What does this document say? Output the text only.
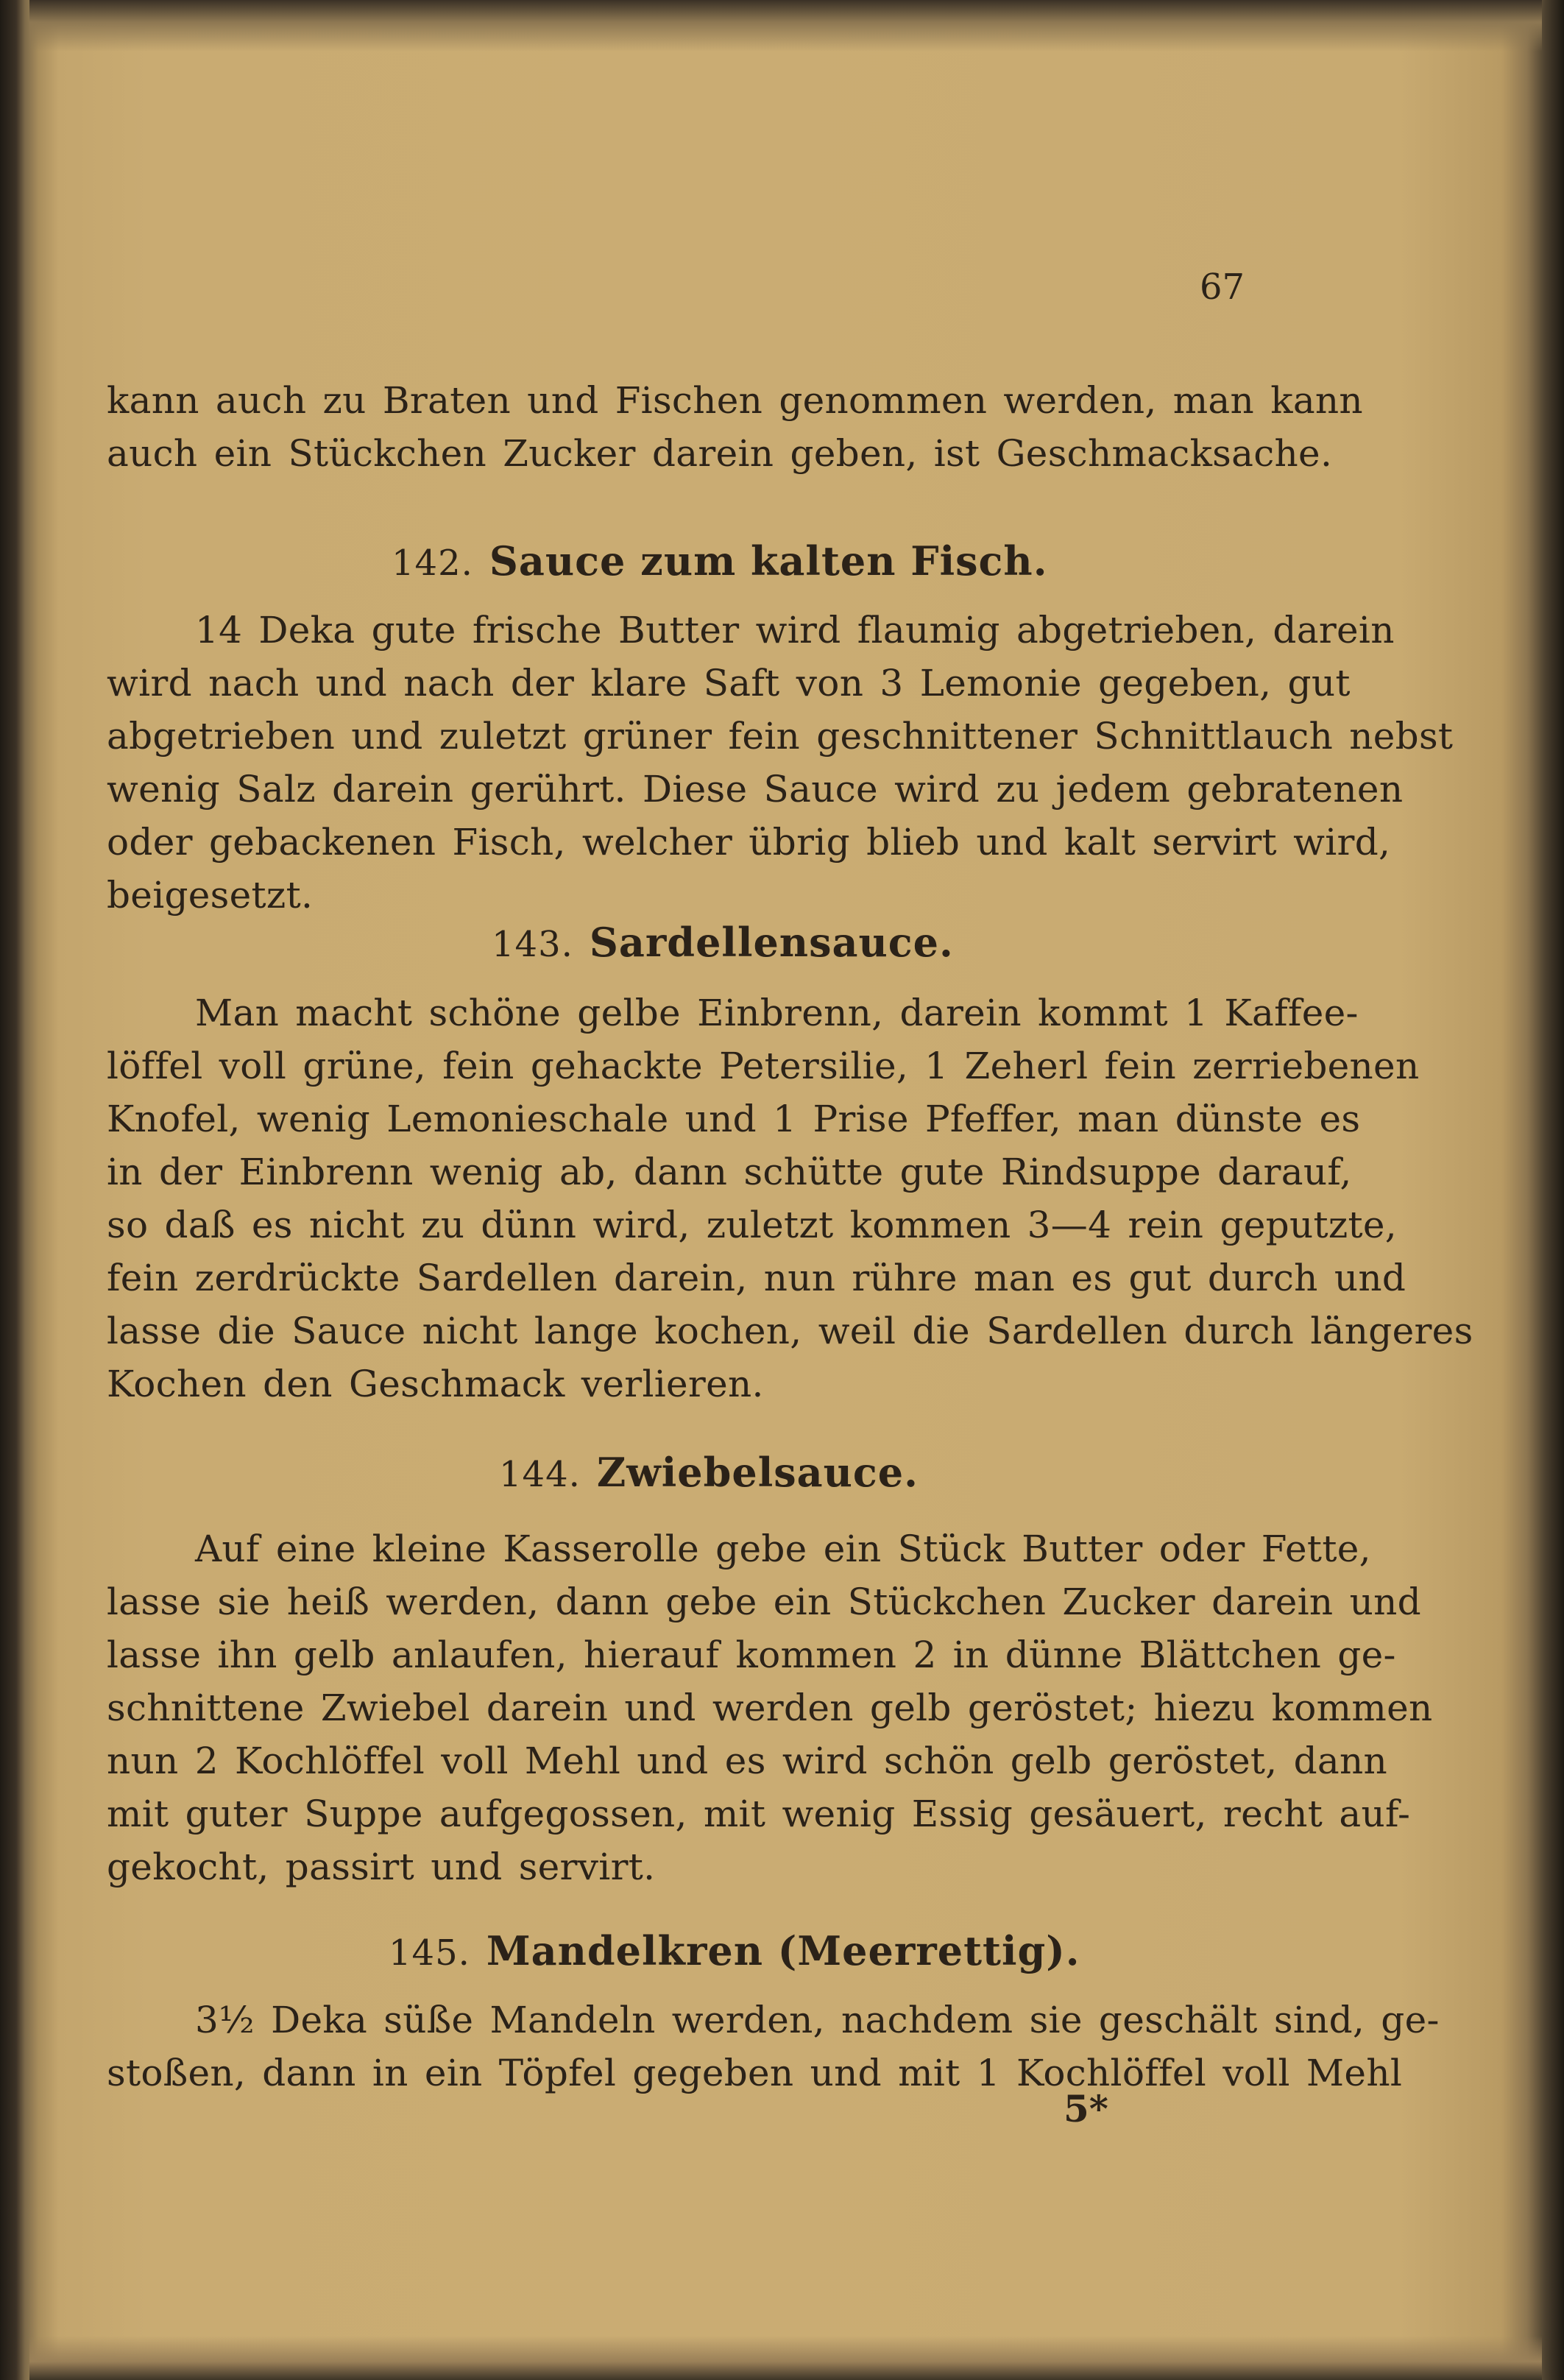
67
kann auch zu Braten und Fischen genommen werden, man kann
auch ein Stückchen Zucker darein geben, ist Geschmacksache.
142. Sauce zum kalten Fisch.
14 Deka gute frische Butter wird flaumig abgetrieben, darein
wird nach und nach der klare Saft von 3 Lemonie gegeben, gut
abgetrieben und zuletzt grüner fein geschnittener Schnittlauch nebst
wenig Salz darein gerührt. Diese Sauce wird zu jedem gebratenen
oder gebackenen Fisch, welcher übrig blieb und kalt servirt wird,
beigesetzt.
143. Sardellensauce.
Man macht schöne gelbe Einbrenn, darein kommt 1 Kaffee-
löffel voll grüne, fein gehackte Petersilie, 1 Zeherl fein zerriebenen
Knofel, wenig Lemonieschale und 1 Prise Pfeffer, man dünste es
in der Einbrenn wenig ab, dann schütte gute Rindsuppe darauf,
so daß es nicht zu dünn wird, zuletzt kommen 3—4 rein geputzte,
fein zerdrückte Sardellen darein, nun rühre man es gut durch und
lasse die Sauce nicht lange kochen, weil die Sardellen durch längeres
Kochen den Geschmack verlieren.
144. Zwiebelsauce.
Auf eine kleine Kasserolle gebe ein Stück Butter oder Fette,
lasse sie heiß werden, dann gebe ein Stückchen Zucker darein und
lasse ihn gelb anlaufen, hierauf kommen 2 in dünne Blättchen ge-
schnittene Zwiebel darein und werden gelb geröstet; hiezu kommen
nun 2 Kochlöffel voll Mehl und es wird schön gelb geröstet, dann
mit guter Suppe aufgegossen, mit wenig Essig gesäuert, recht auf-
gekocht, passirt und servirt.
145. Mandelkren (Meerrettig).
3½ Deka süße Mandeln werden, nachdem sie geschält sind, ge-
stoßen, dann in ein Töpfel gegeben und mit 1 Kochlöffel voll Mehl
5*
